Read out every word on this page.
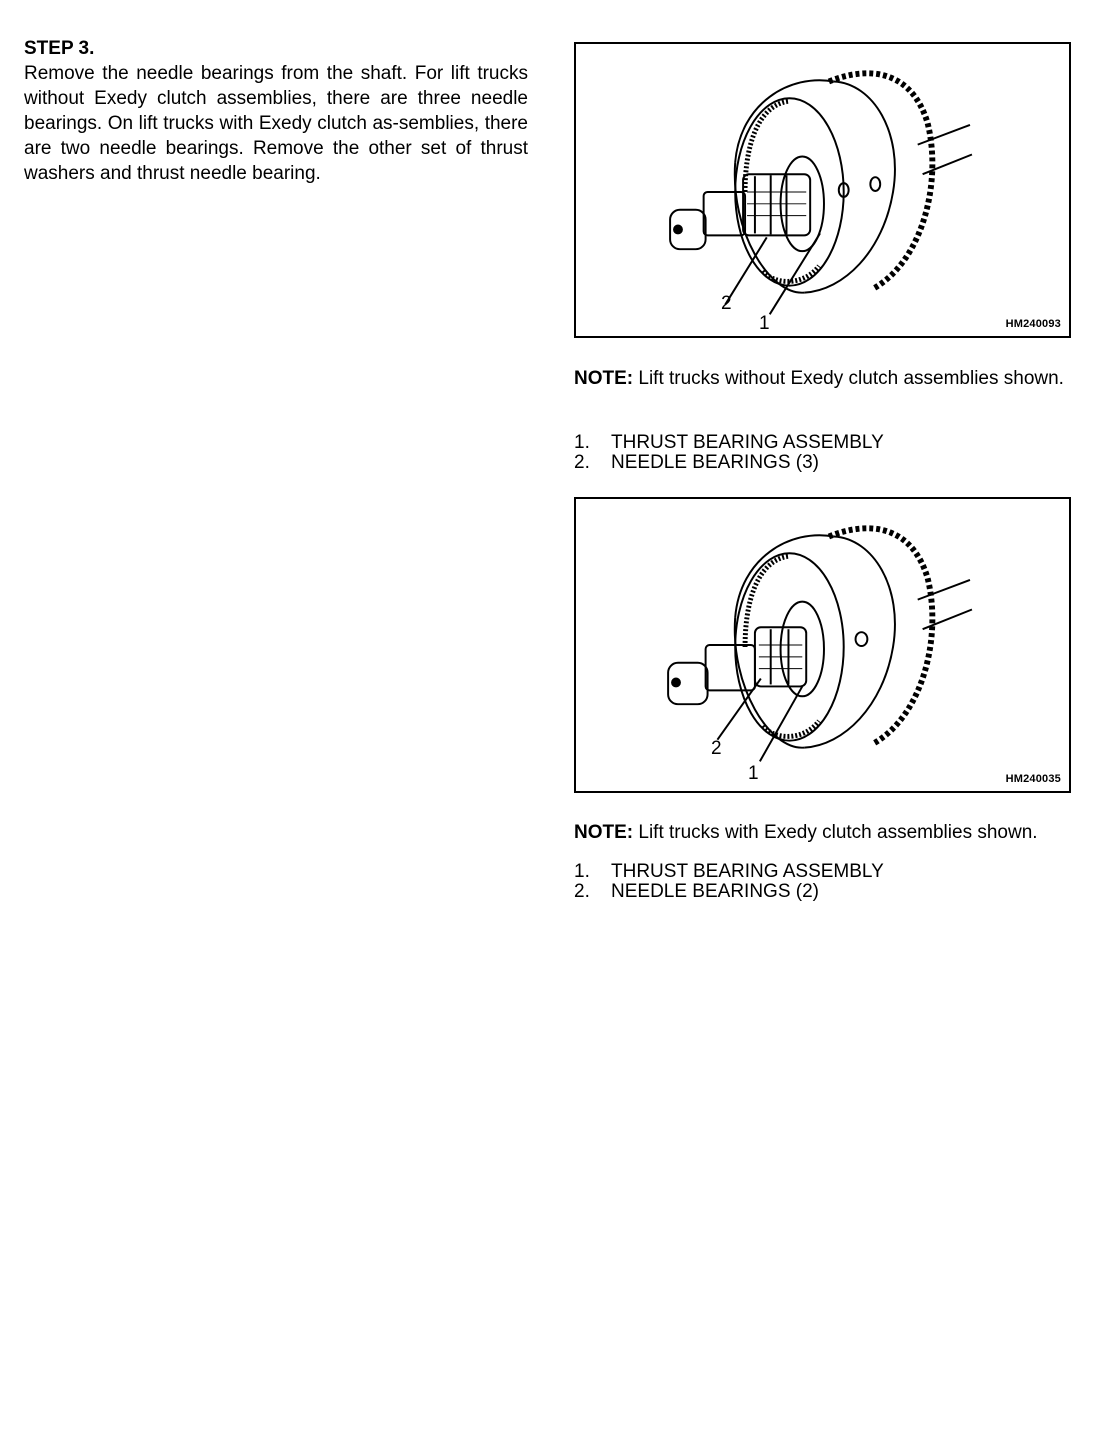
STEP 3.

Remove the needle bearings from the shaft. For lift trucks without Exedy clutch assemblies, there are three needle bearings. On lift trucks with Exedy clutch as-semblies, there are two needle bearings. Remove the other set of thrust washers and thrust needle bearing.

2
1	HM240093

NOTE: Lift trucks without Exedy clutch assemblies shown.

1.	THRUST BEARING ASSEMBLY
2.	NEEDLE BEARINGS (3)
2
1	HM240035

NOTE: Lift trucks with Exedy clutch assemblies shown.

1.	THRUST BEARING ASSEMBLY
2.	NEEDLE BEARINGS (2)
